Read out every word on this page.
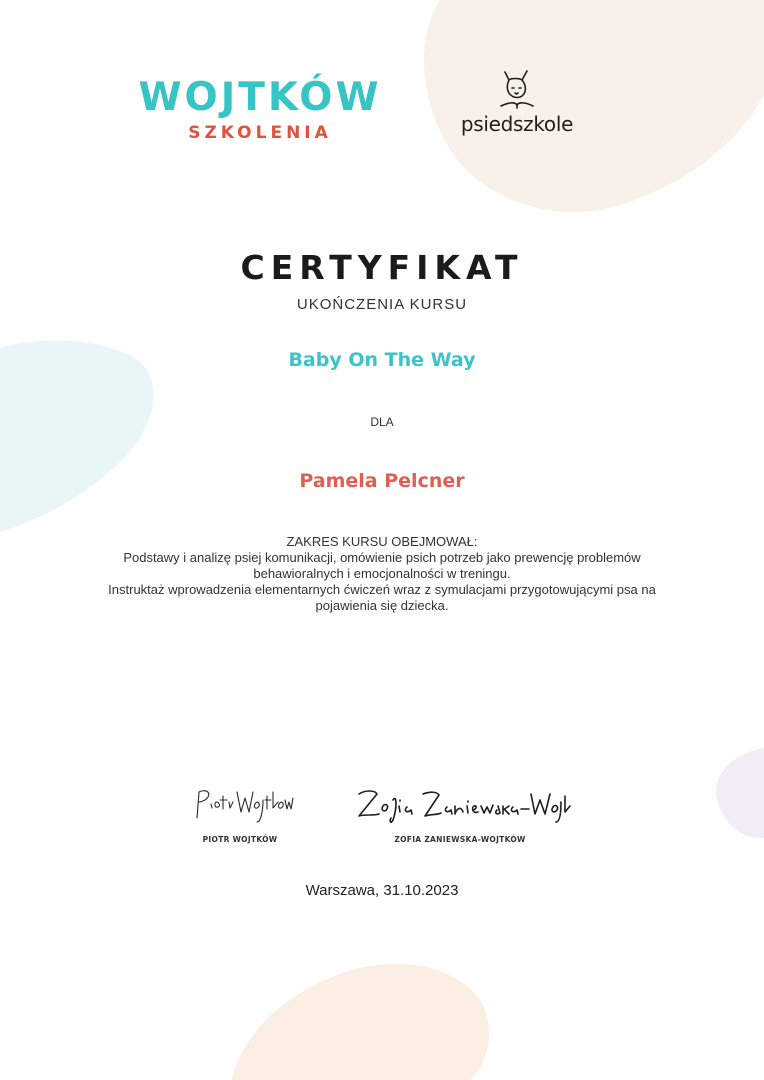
WOJTKÓW
SZKOLENIA	psiedszkole
CERTYFIKAT
UKOŃCZENIA KURSU
Baby On The Way
DLA
Pamela Pelcner
ZAKRES KURSU OBEJMOWAŁ:
Podstawy i analizę psiej komunikacji, omówienie psich potrzeb jako prewencję problemów
behawioralnych i emocjonalności w treningu.
Instruktaż wprowadzenia elementarnych ćwiczeń wraz z symulacjami przygotowującymi psa na
pojawienia się dziecka.
PIOTR WOJTKÓW	ZOFIA ZANIEWSKA-WOJTKÓW
Warszawa, 31.10.2023
